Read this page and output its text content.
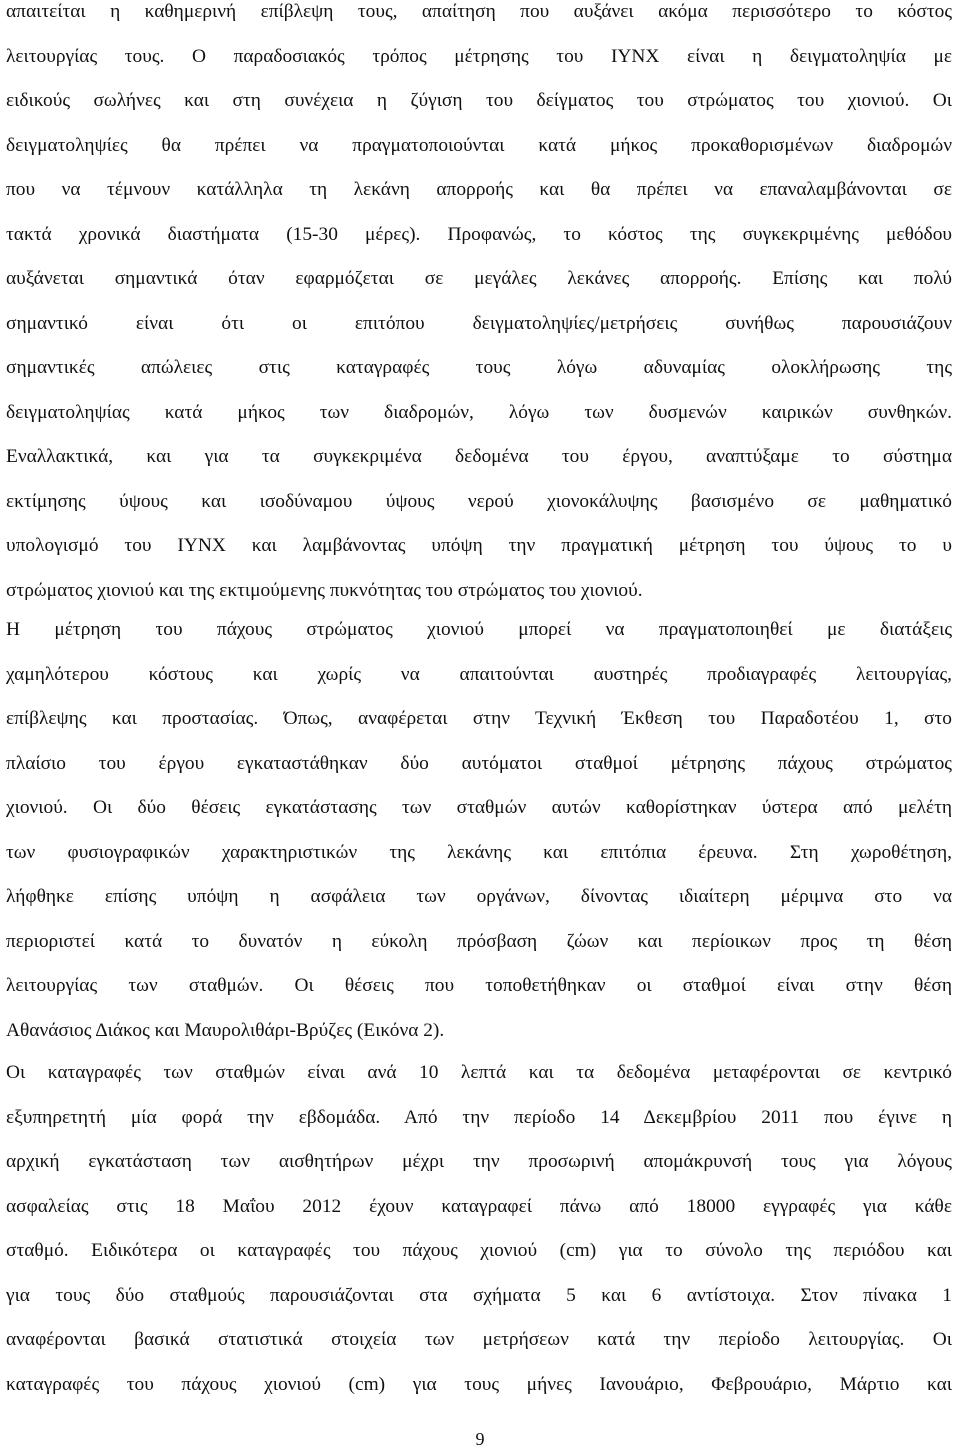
απαιτείται η καθημερινή επίβλεψη τους, απαίτηση που αυξάνει ακόμα περισσότερο το κόστος
λειτουργίας τους. Ο παραδοσιακός τρόπος μέτρησης του ΙΥΝΧ είναι η δειγματοληψία με
ειδικούς σωλήνες και στη συνέχεια η ζύγιση του δείγματος του στρώματος του χιονιού. Οι
δειγματοληψίες θα πρέπει να πραγματοποιούνται κατά μήκος προκαθορισμένων διαδρομών
που να τέμνουν κατάλληλα τη λεκάνη απορροής και θα πρέπει να επαναλαμβάνονται σε
τακτά χρονικά διαστήματα (15-30 μέρες). Προφανώς, το κόστος της συγκεκριμένης μεθόδου
αυξάνεται σημαντικά όταν εφαρμόζεται σε μεγάλες λεκάνες απορροής. Επίσης και πολύ
σημαντικό είναι ότι οι επιτόπου δειγματοληψίες/μετρήσεις συνήθως παρουσιάζουν
σημαντικές απώλειες στις καταγραφές τους λόγω αδυναμίας ολοκλήρωσης της
δειγματοληψίας κατά μήκος των διαδρομών, λόγω των δυσμενών καιρικών συνθηκών.
Εναλλακτικά, και για τα συγκεκριμένα δεδομένα του έργου, αναπτύξαμε το σύστημα
εκτίμησης ύψους και ισοδύναμου ύψους νερού χιονοκάλυψης βασισμένο σε μαθηματικό
υπολογισμό του ΙΥΝΧ και λαμβάνοντας υπόψη την πραγματική μέτρηση του ύψους το υ
στρώματος χιονιού και της εκτιμούμενης πυκνότητας του στρώματος του χιονιού.
Η μέτρηση του πάχους στρώματος χιονιού μπορεί να πραγματοποιηθεί με διατάξεις
χαμηλότερου κόστους και χωρίς να απαιτούνται αυστηρές προδιαγραφές λειτουργίας,
επίβλεψης και προστασίας. Όπως, αναφέρεται στην Τεχνική Έκθεση του Παραδοτέου 1, στο
πλαίσιο του έργου εγκαταστάθηκαν δύο αυτόματοι σταθμοί μέτρησης πάχους στρώματος
χιονιού. Οι δύο θέσεις εγκατάστασης των σταθμών αυτών καθορίστηκαν ύστερα από μελέτη
των φυσιογραφικών χαρακτηριστικών της λεκάνης και επιτόπια έρευνα. Στη χωροθέτηση,
λήφθηκε επίσης υπόψη η ασφάλεια των οργάνων, δίνοντας ιδιαίτερη μέριμνα στο να
περιοριστεί κατά το δυνατόν η εύκολη πρόσβαση ζώων και περίοικων προς τη θέση
λειτουργίας των σταθμών. Οι θέσεις που τοποθετήθηκαν οι σταθμοί είναι στην θέση
Αθανάσιος Διάκος και Μαυρολιθάρι-Βρύζες (Εικόνα 2).
Οι καταγραφές των σταθμών είναι ανά 10 λεπτά και τα δεδομένα μεταφέρονται σε κεντρικό
εξυπηρετητή μία φορά την εβδομάδα. Από την περίοδο 14 Δεκεμβρίου 2011 που έγινε η
αρχική εγκατάσταση των αισθητήρων μέχρι την προσωρινή απομάκρυνσή τους για λόγους
ασφαλείας στις 18 Μαΐου 2012 έχουν καταγραφεί πάνω από 18000 εγγραφές για κάθε
σταθμό. Ειδικότερα οι καταγραφές του πάχους χιονιού (cm) για το σύνολο της περιόδου και
για τους δύο σταθμούς παρουσιάζονται στα σχήματα 5 και 6 αντίστοιχα. Στον πίνακα 1
αναφέρονται βασικά στατιστικά στοιχεία των μετρήσεων κατά την περίοδο λειτουργίας. Οι
καταγραφές του πάχους χιονιού (cm) για τους μήνες Ιανουάριο, Φεβρουάριο, Μάρτιο και
9
